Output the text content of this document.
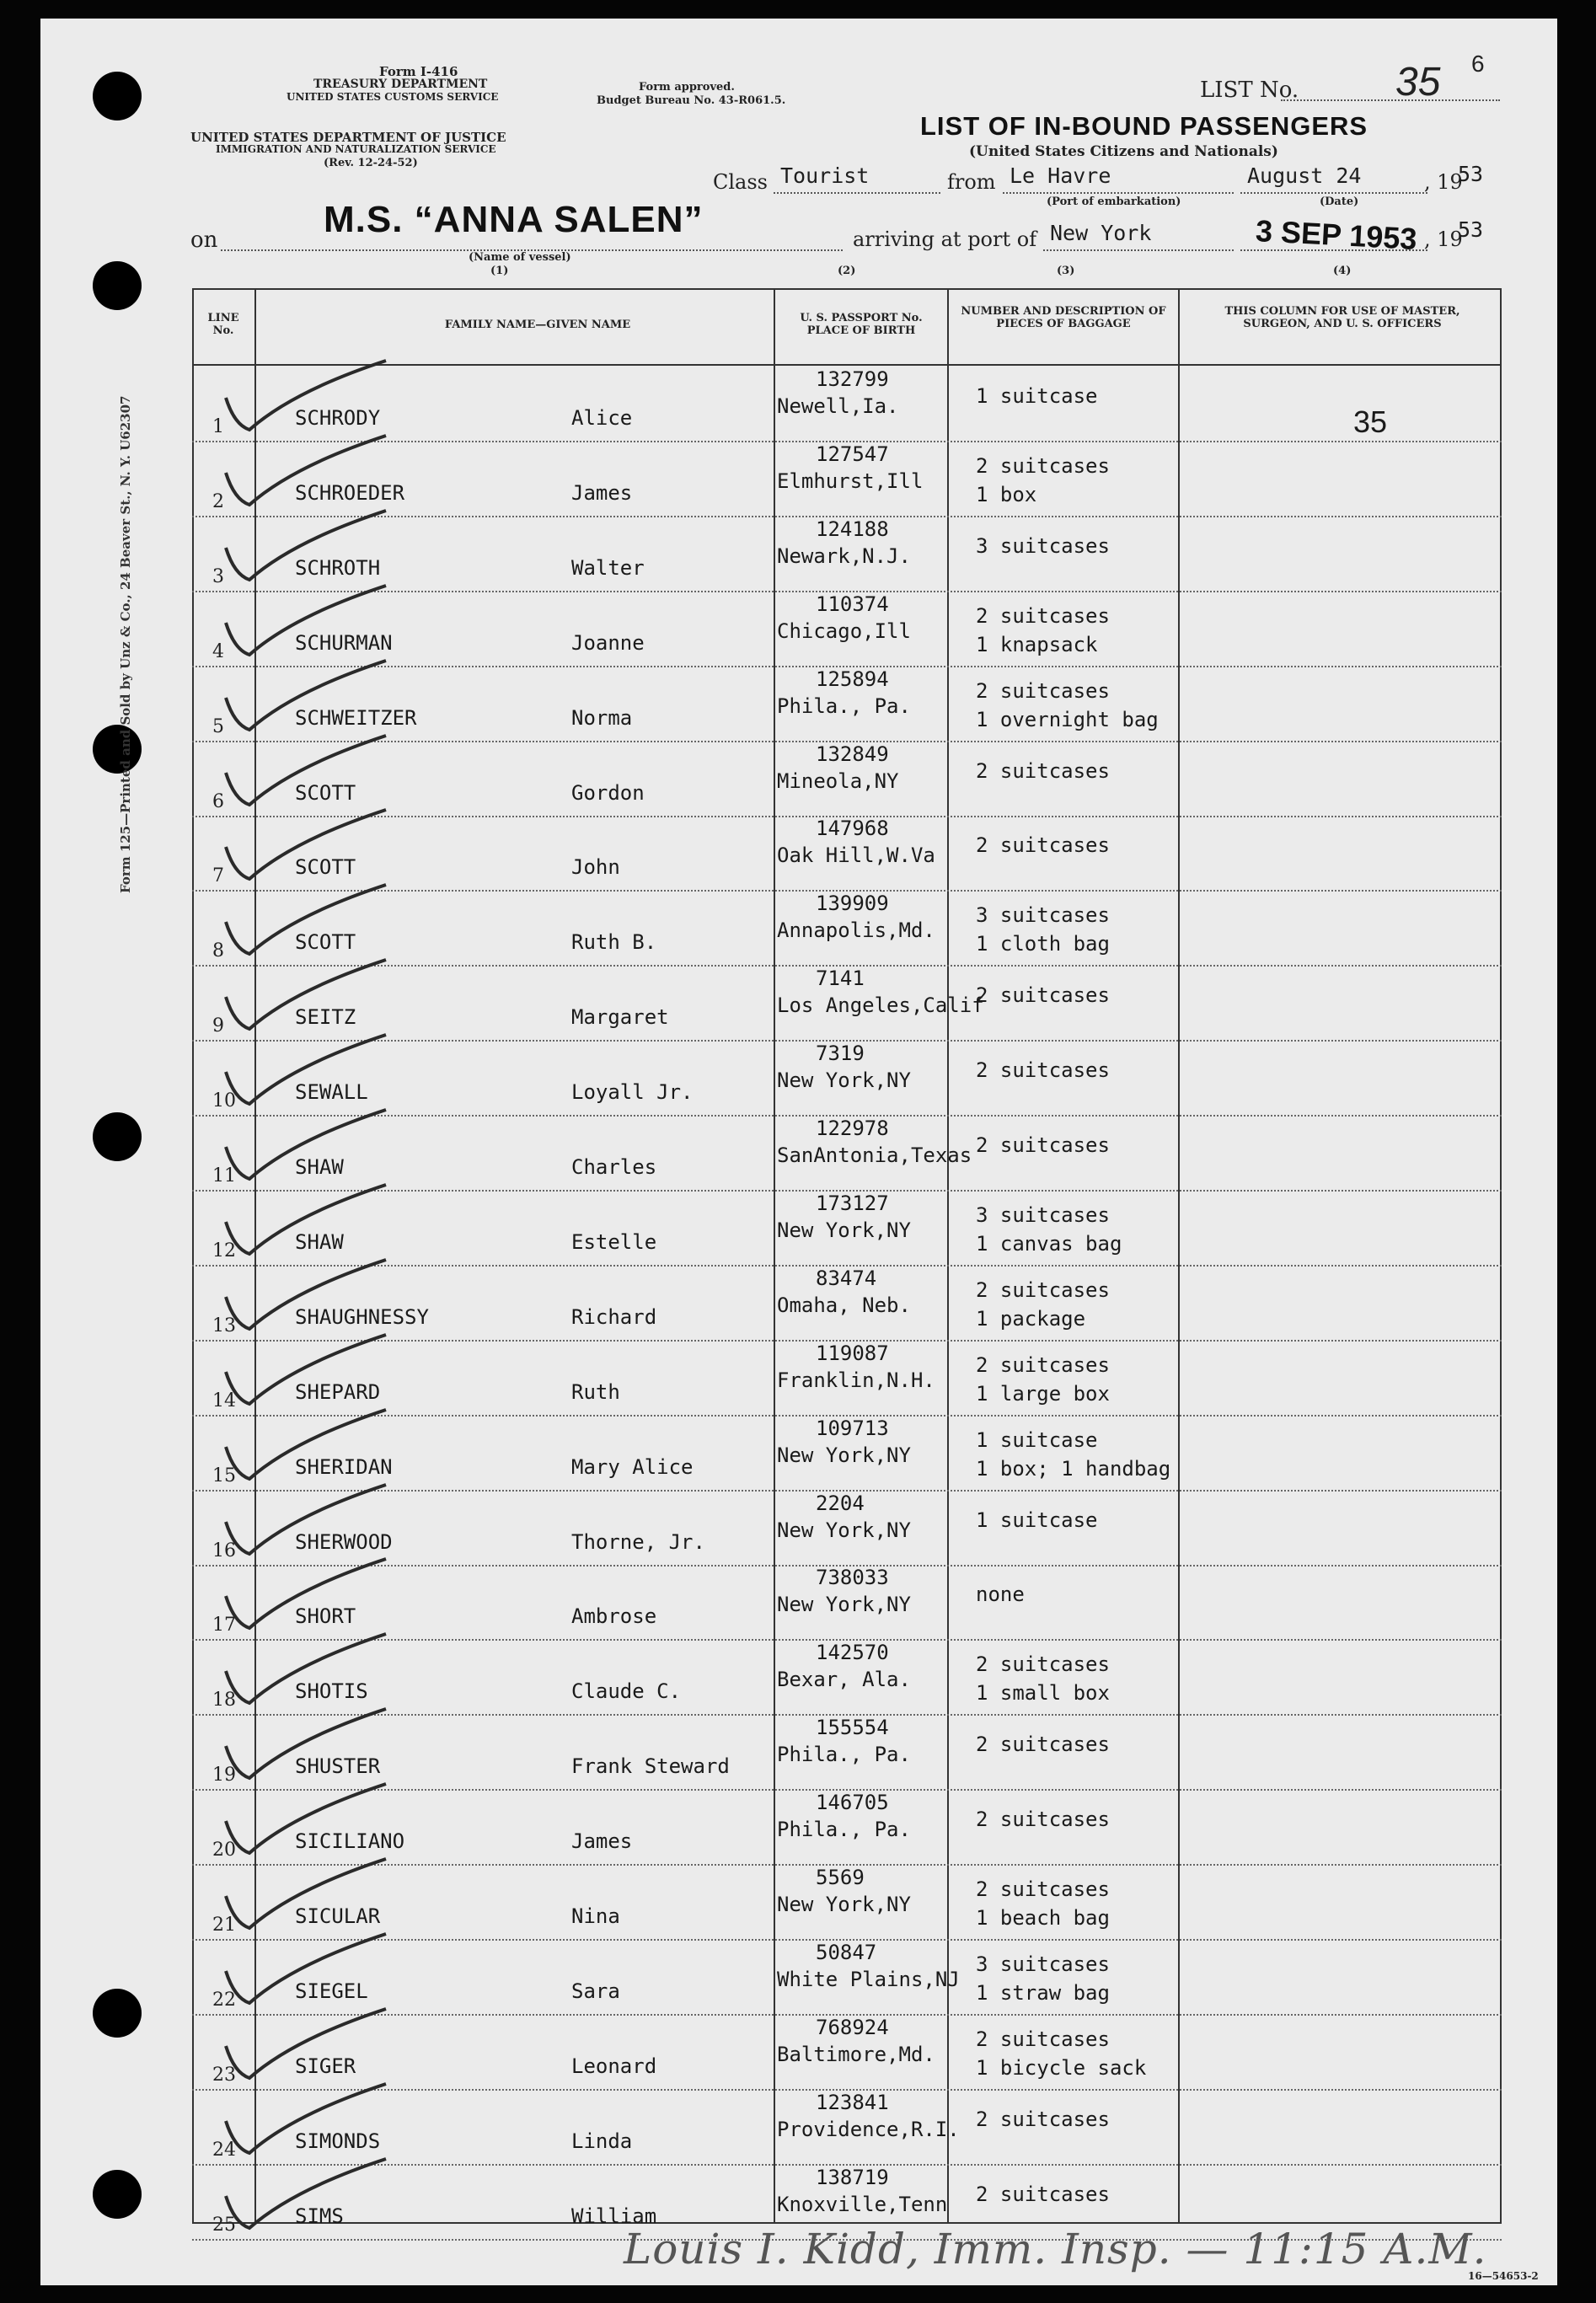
Form I-416
TREASURY DEPARTMENT
UNITED STATES CUSTOMS SERVICE
UNITED STATES DEPARTMENT OF JUSTICE
IMMIGRATION AND NATURALIZATION SERVICE
(Rev. 12-24-52)
Form approved.
Budget Bureau No. 43-R061.5.	LIST No. 35 6
LIST OF IN-BOUND PASSENGERS
(United States Citizens and Nationals)
Class Tourist	from Le Havre
(Port of embarkation)
August 24	, 19
53
(Date)
on	M.S. “ANNA SALEN”
(Name of vessel)
(1)
arriving at port of New York
(2)	(3)	(4)
3 SEP 1953 , 19
53
Form 125—Printed and Sold by Unz & Co., 24 Beaver St., N. Y. U62307
LINE No.	FAMILY NAME—GIVEN NAME
U. S. PASSPORT No. PLACE OF BIRTH
NUMBER AND DESCRIPTION OF PIECES OF BAGGAGE
THIS COLUMN FOR USE OF MASTER, SURGEON, AND U. S. OFFICERS
35
1	SCHRODY	Alice
132799
Newell,Ia.	1 suitcase
2	SCHROEDER	James
127547
Elmhurst,Ill
2 suitcases
1 box
3	SCHROTH	Walter
124188
Newark,N.J.	3 suitcases
4	SCHURMAN	Joanne
110374
Chicago,Ill
2 suitcases
1 knapsack
5	SCHWEITZER	Norma
125894
Phila., Pa.
2 suitcases
1 overnight bag
6	SCOTT	Gordon
132849
Mineola,NY	2 suitcases
7	SCOTT	John
147968
Oak Hill,W.Va 2 suitcases
8	SCOTT	Ruth B.
139909
Annapolis,Md.
3 suitcases
1 cloth bag
9	SEITZ	Margaret
7141
Los Angeles,Calif
2 suitcases
10	SEWALL	Loyall Jr.
7319
New York,NY	2 suitcases
11	SHAW	Charles
122978
SanAntonia,Texas 2 suitcases
12	SHAW	Estelle
173127
New York,NY
3 suitcases
1 canvas bag
13	SHAUGHNESSY	Richard
83474
Omaha, Neb.
2 suitcases
1 package
14	SHEPARD	Ruth
119087
Franklin,N.H.
2 suitcases
1 large box
15	SHERIDAN	Mary Alice
109713
New York,NY
1 suitcase
1 box; 1 handbag
16	SHERWOOD	Thorne, Jr.
2204
New York,NY	1 suitcase
17	SHORT	Ambrose
738033
New York,NY	none
18	SHOTIS	Claude C.
142570
Bexar, Ala.
2 suitcases
1 small box
19	SHUSTER	Frank Steward
155554
Phila., Pa.	2 suitcases
20	SICILIANO	James
146705
Phila., Pa.	2 suitcases
21	SICULAR	Nina
5569
New York,NY
2 suitcases
1 beach bag
22	SIEGEL	Sara
50847
White Plains,NJ
3 suitcases
1 straw bag
23	SIGER	Leonard
768924
Baltimore,Md.
2 suitcases
1 bicycle sack
24	SIMONDS	Linda
123841
Providence,R.I. 2 suitcases
25	SIMS	William
138719
Knoxville,Tenn 2 suitcases
Louis I. Kidd, Imm. Insp. — 11:15 A.M.
16—54653-2
